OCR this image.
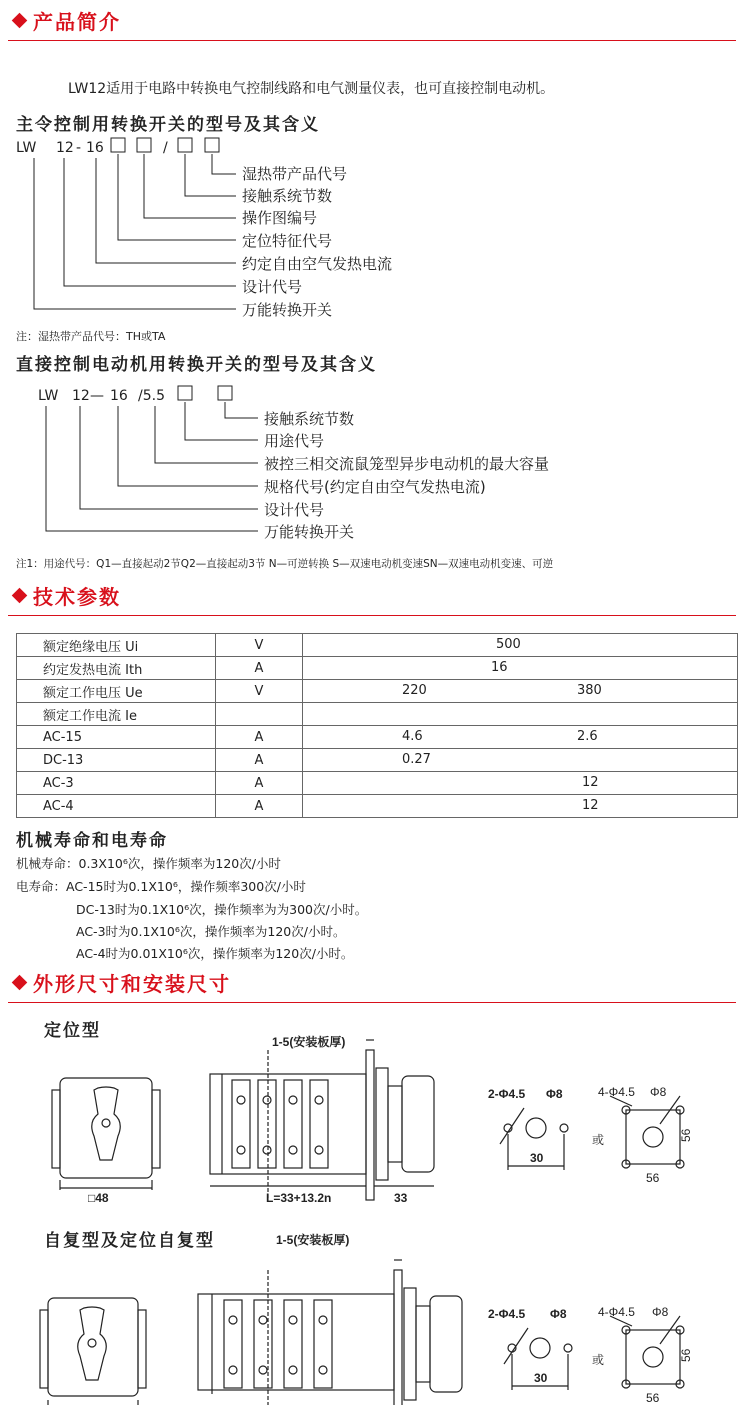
产品简介
LW12适用于电路中转换电气控制线路和电气测量仪表，也可直接控制电动机。
主令控制用转换开关的型号及其含义
LW 12 - 16	/
湿热带产品代号
接触系统节数
操作图编号
定位特征代号
约定自由空气发热电流
设计代号
万能转换开关
注：湿热带产品代号：TH或TA
直接控制电动机用转换开关的型号及其含义
LW 12 — 16 /5.5
接触系统节数
用途代号
被控三相交流鼠笼型异步电动机的最大容量
规格代号(约定自由空气发热电流)
设计代号
万能转换开关
注1：用途代号：Q1—直接起动2节Q2—直接起动3节 N—可逆转换 S—双速电动机变速SN—双速电动机变速、可逆
技术参数
额定绝缘电压 Ui	V	500

约定发热电流 Ith	A	16

额定工作电压 Ue	V	220 380

额定工作电流 Ie		
AC-15	A	4.6 2.6

DC-13	A	0.27

AC-3	A	12

AC-4	A	12
机械寿命和电寿命
机械寿命：0.3X10⁶次，操作频率为120次/小时
电寿命：AC-15时为0.1X10⁶，操作频率300次/小时
DC-13时为0.1X10⁶次，操作频率为为300次/小时。
AC-3时为0.1X10⁶次，操作频率为120次/小时。
AC-4时为0.01X10⁶次，操作频率为120次/小时。
外形尺寸和安装尺寸
定位型
□48	L=33+13.2n	33
1-5(安装板厚)
2-Φ4.5 Φ8
30
或
4-Φ4.5 Φ8
56
56
自复型及定位自复型	1-5(安装板厚)
2-Φ4.5 Φ8
30
或
4-Φ4.5 Φ8
56
56
